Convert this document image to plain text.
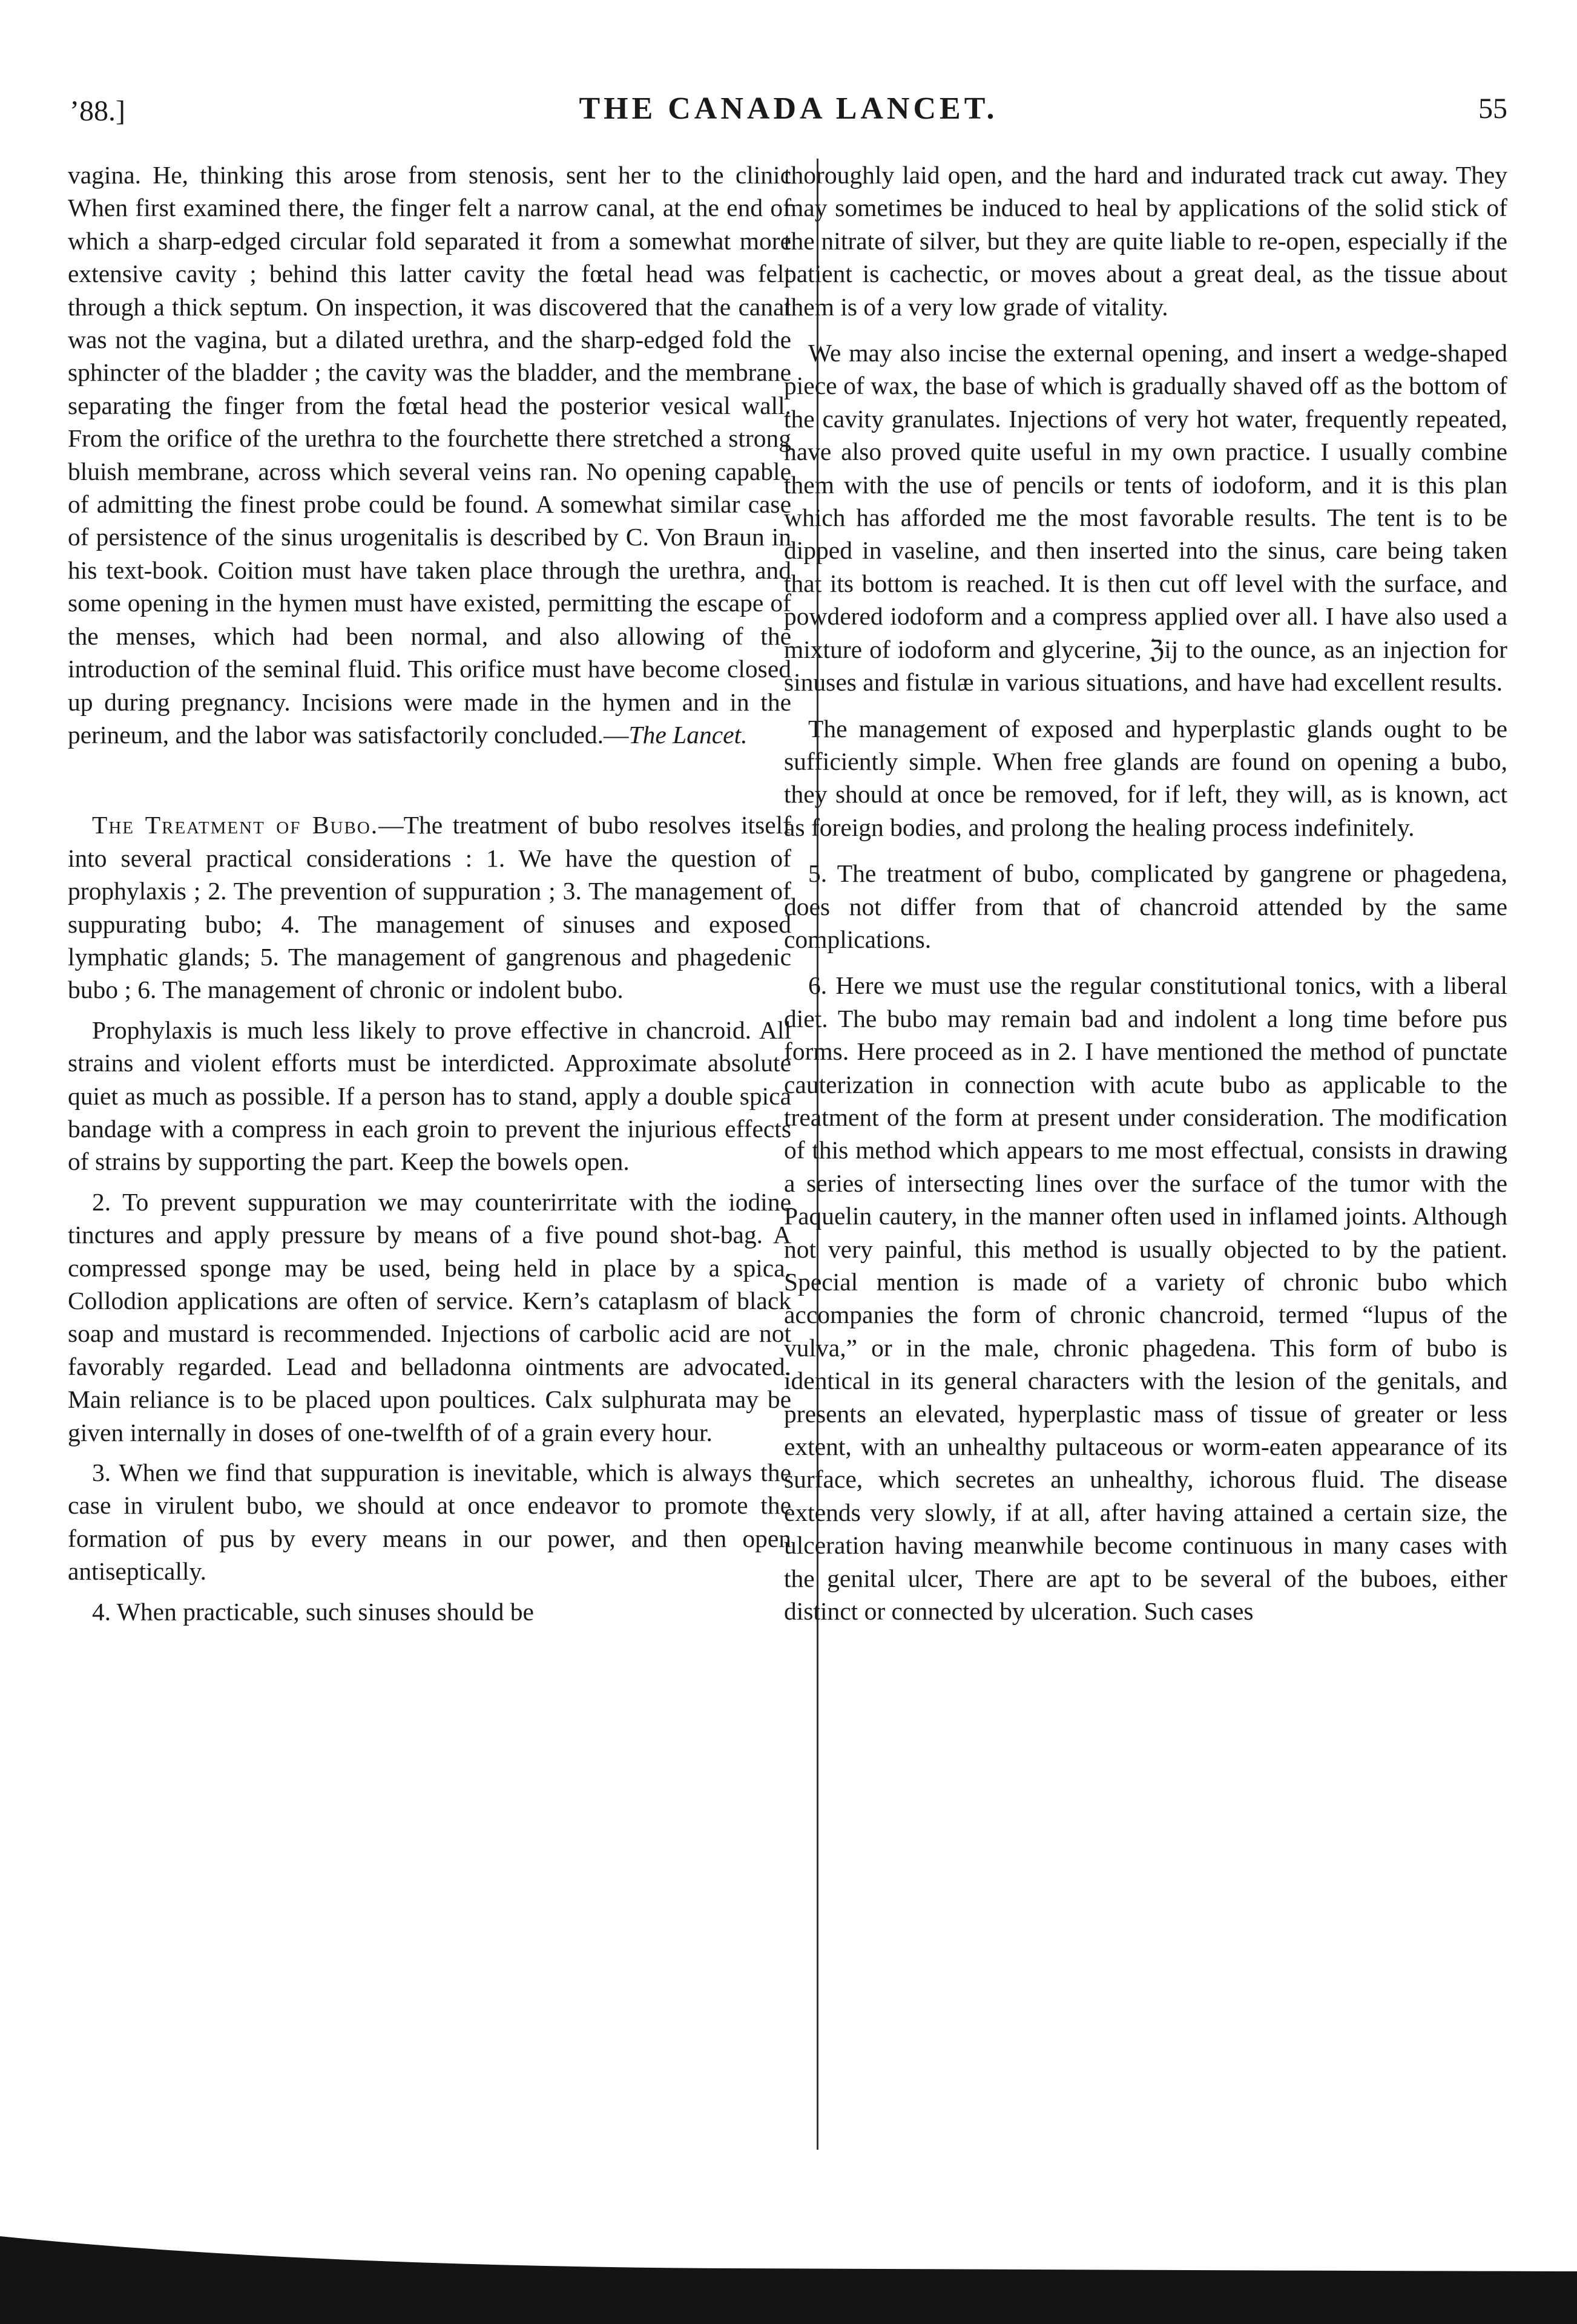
’88.]	THE CANADA LANCET.	55

vagina. He, thinking this arose from stenosis, sent her to the clinic When first examined there, the finger felt a narrow canal, at the end of which a sharp-edged circular fold separated it from a somewhat more extensive cavity ; behind this latter cavity the fœtal head was felt through a thick septum. On inspection, it was discovered that the canal was not the vagina, but a dilated urethra, and the sharp-edged fold the sphincter of the bladder ; the cavity was the bladder, and the membrane separating the finger from the fœtal head the posterior vesical wall. From the orifice of the urethra to the fourchette there stretched a strong bluish membrane, across which several veins ran. No opening capable of admitting the finest probe could be found. A somewhat similar case of persistence of the sinus urogenitalis is described by C. Von Braun in his text-book. Coition must have taken place through the urethra, and some opening in the hymen must have existed, permitting the escape of the menses, which had been normal, and also allowing of the introduction of the seminal fluid. This orifice must have become closed up during pregnancy. Incisions were made in the hymen and in the perineum, and the labor was satisfactorily concluded.—The Lancet.

The Treatment of Bubo.—The treatment of bubo resolves itself into several practical considerations : 1. We have the question of prophylaxis ; 2. The prevention of suppuration ; 3. The management of suppurating bubo; 4. The management of sinuses and exposed lymphatic glands; 5. The management of gangrenous and phagedenic bubo ; 6. The management of chronic or indolent bubo.

Prophylaxis is much less likely to prove effective in chancroid. All strains and violent efforts must be interdicted. Approximate absolute quiet as much as possible. If a person has to stand, apply a double spica bandage with a compress in each groin to prevent the injurious effects of strains by supporting the part. Keep the bowels open.

2. To prevent suppuration we may counterirritate with the iodine tinctures and apply pressure by means of a five pound shot-bag. A compressed sponge may be used, being held in place by a spica. Collodion applications are often of service. Kern’s cataplasm of black soap and mustard is recommended. Injections of carbolic acid are not favorably regarded. Lead and belladonna ointments are advocated. Main reliance is to be placed upon poultices. Calx sulphurata may be given internally in doses of one-twelfth of of a grain every hour.

3. When we find that suppuration is inevitable, which is always the case in virulent bubo, we should at once endeavor to promote the formation of pus by every means in our power, and then open antiseptically.

4. When practicable, such sinuses should be

thoroughly laid open, and the hard and indurated track cut away. They may sometimes be induced to heal by applications of the solid stick of the nitrate of silver, but they are quite liable to re-open, especially if the patient is cachectic, or moves about a great deal, as the tissue about them is of a very low grade of vitality.

We may also incise the external opening, and insert a wedge-shaped piece of wax, the base of which is gradually shaved off as the bottom of the cavity granulates. Injections of very hot water, frequently repeated, have also proved quite useful in my own practice. I usually combine them with the use of pencils or tents of iodoform, and it is this plan which has afforded me the most favorable results. The tent is to be dipped in vaseline, and then inserted into the sinus, care being taken that its bottom is reached. It is then cut off level with the surface, and powdered iodoform and a compress applied over all. I have also used a mixture of iodoform and glycerine, ℨij to the ounce, as an injection for sinuses and fistulæ in various situations, and have had excellent results.

The management of exposed and hyperplastic glands ought to be sufficiently simple. When free glands are found on opening a bubo, they should at once be removed, for if left, they will, as is known, act as foreign bodies, and prolong the healing process indefinitely.

5. The treatment of bubo, complicated by gangrene or phagedena, does not differ from that of chancroid attended by the same complications.

6. Here we must use the regular constitutional tonics, with a liberal diet. The bubo may remain bad and indolent a long time before pus forms. Here proceed as in 2. I have mentioned the method of punctate cauterization in connection with acute bubo as applicable to the treatment of the form at present under consideration. The modification of this method which appears to me most effectual, consists in drawing a series of intersecting lines over the surface of the tumor with the Paquelin cautery, in the manner often used in inflamed joints. Although not very painful, this method is usually objected to by the patient. Special mention is made of a variety of chronic bubo which accompanies the form of chronic chancroid, termed “lupus of the vulva,” or in the male, chronic phagedena. This form of bubo is identical in its general characters with the lesion of the genitals, and presents an elevated, hyperplastic mass of tissue of greater or less extent, with an unhealthy pultaceous or worm-eaten appearance of its surface, which secretes an unhealthy, ichorous fluid. The disease extends very slowly, if at all, after having attained a certain size, the ulceration having meanwhile become continuous in many cases with the genital ulcer, There are apt to be several of the buboes, either distinct or connected by ulceration. Such cases
